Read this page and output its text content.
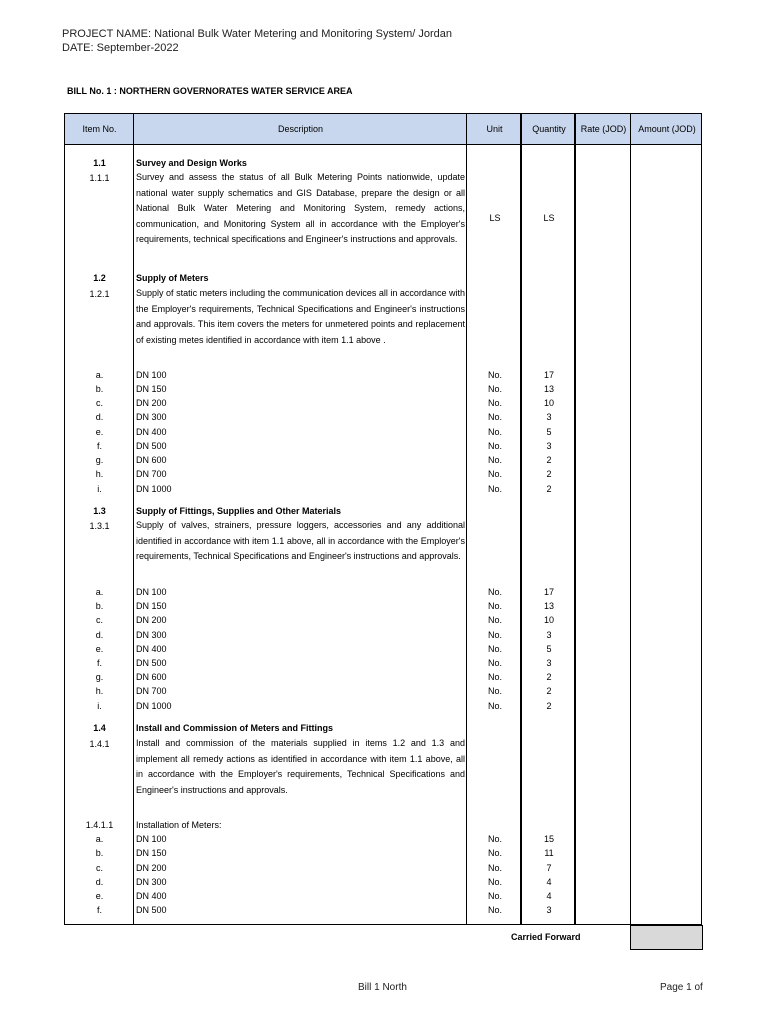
PROJECT NAME: National Bulk Water Metering and Monitoring System/ Jordan
DATE: September-2022
BILL No. 1 : NORTHERN GOVERNORATES WATER SERVICE AREA
Item No.	Description	Unit	Quantity	Rate (JOD)	Amount (JOD)
1.1	Survey and Design Works
1.1.1	Survey and assess the status of all Bulk Metering Points nationwide, update national water supply schematics and GIS Database, prepare the design or all National Bulk Water Metering and Monitoring System, remedy actions, communication, and Monitoring System all in accordance with the Employer's requirements, technical specifications and Engineer's instructions and approvals.
LS	LS
1.2	Supply of Meters
1.2.1	Supply of static meters including the communication devices all in accordance with the Employer's requirements, Technical Specifications and Engineer's instructions and approvals. This item covers the meters for unmetered points and replacement of existing metes identified in accordance with item 1.1 above .
a.	DN 100	No.	17
b.	DN 150	No.	13
c.	DN 200	No.	10
d.	DN 300	No.	3
e.	DN 400	No.	5
f.	DN 500	No.	3
g.	DN 600	No.	2
h.	DN 700	No.	2
i.	DN 1000	No.	2
1.3	Supply of Fittings, Supplies and Other Materials
1.3.1	Supply of valves, strainers, pressure loggers, accessories and any additional identified in accordance with item 1.1 above, all in accordance with the Employer's requirements, Technical Specifications and Engineer's instructions and approvals.
a.	DN 100	No.	17
b.	DN 150	No.	13
c.	DN 200	No.	10
d.	DN 300	No.	3
e.	DN 400	No.	5
f.	DN 500	No.	3
g.	DN 600	No.	2
h.	DN 700	No.	2
i.	DN 1000	No.	2
1.4	Install and Commission of Meters and Fittings
1.4.1	Install and commission of the materials supplied in items 1.2 and 1.3 and implement all remedy actions as identified in accordance with item 1.1 above, all in accordance with the Employer's requirements, Technical Specifications and Engineer's instructions and approvals.
1.4.1.1	Installation of Meters:
a.	DN 100	No.	15
b.	DN 150	No.	11
c.	DN 200	No.	7
d.	DN 300	No.	4
e.	DN 400	No.	4
f.	DN 500	No.	3
Carried Forward
Bill 1 North	Page 1 of
